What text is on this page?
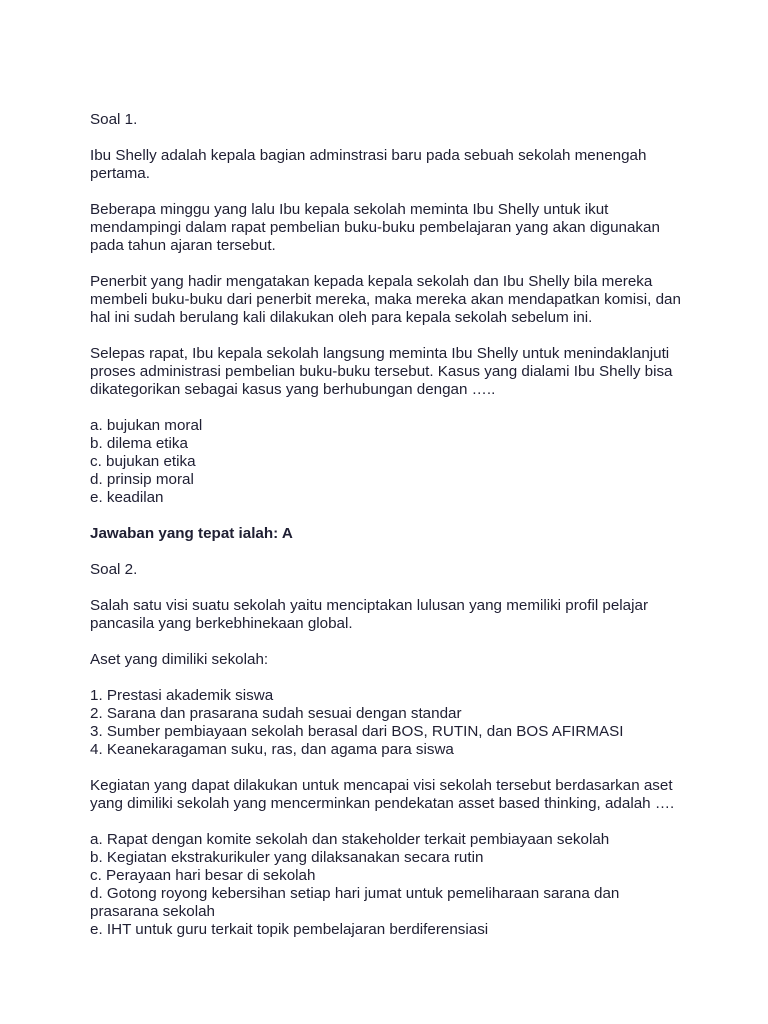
Soal 1.

Ibu Shelly adalah kepala bagian adminstrasi baru pada sebuah sekolah menengah pertama.

Beberapa minggu yang lalu Ibu kepala sekolah meminta Ibu Shelly untuk ikut mendampingi dalam rapat pembelian buku-buku pembelajaran yang akan digunakan pada tahun ajaran tersebut.

Penerbit yang hadir mengatakan kepada kepala sekolah dan Ibu Shelly bila mereka membeli buku-buku dari penerbit mereka, maka mereka akan mendapatkan komisi, dan hal ini sudah berulang kali dilakukan oleh para kepala sekolah sebelum ini.

Selepas rapat, Ibu kepala sekolah langsung meminta Ibu Shelly untuk menindaklanjuti proses administrasi pembelian buku-buku tersebut. Kasus yang dialami Ibu Shelly bisa dikategorikan sebagai kasus yang berhubungan dengan …..

a. bujukan moral
b. dilema etika
c. bujukan etika
d. prinsip moral
e. keadilan

Jawaban yang tepat ialah: A

Soal 2.

Salah satu visi suatu sekolah yaitu menciptakan lulusan yang memiliki profil pelajar pancasila yang berkebhinekaan global.

Aset yang dimiliki sekolah:

1. Prestasi akademik siswa
2. Sarana dan prasarana sudah sesuai dengan standar
3. Sumber pembiayaan sekolah berasal dari BOS, RUTIN, dan BOS AFIRMASI
4. Keanekaragaman suku, ras, dan agama para siswa

Kegiatan yang dapat dilakukan untuk mencapai visi sekolah tersebut berdasarkan aset yang dimiliki sekolah yang mencerminkan pendekatan asset based thinking, adalah ….

a. Rapat dengan komite sekolah dan stakeholder terkait pembiayaan sekolah
b. Kegiatan ekstrakurikuler yang dilaksanakan secara rutin
c. Perayaan hari besar di sekolah
d. Gotong royong kebersihan setiap hari jumat untuk pemeliharaan sarana dan prasarana sekolah
e. IHT untuk guru terkait topik pembelajaran berdiferensiasi
